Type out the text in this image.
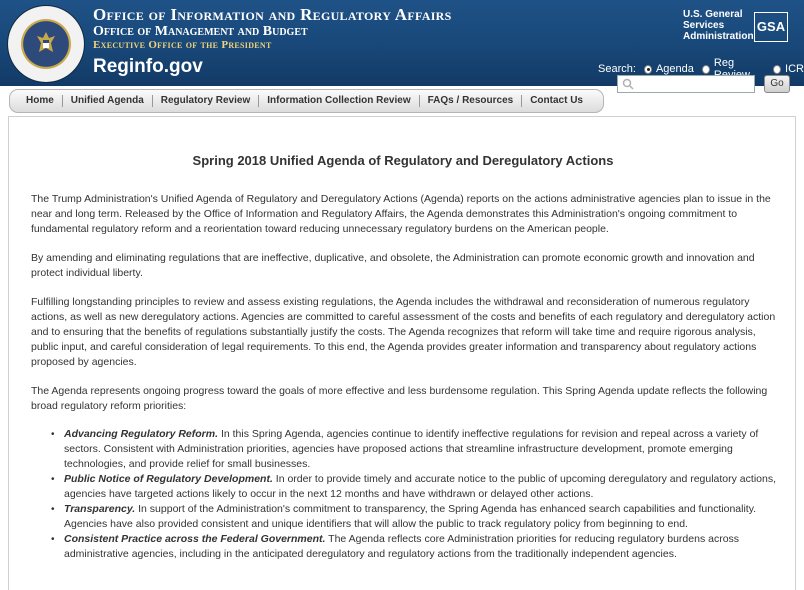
Office of Information and Regulatory Affairs
Office of Management and Budget
Executive Office of the President
Reginfo.gov
U.S. General
Services
Administration
GSA
Search: Agenda Reg	ICR
Go
Home	Unified Agenda	Regulatory Review	Information Collection Review	FAQs / Resources	Contact Us
Spring 2018 Unified Agenda of Regulatory and Deregulatory Actions

The Trump Administration's Unified Agenda of Regulatory and Deregulatory Actions (Agenda) reports on the actions administrative agencies plan to issue in the near and long term. Released by the Office of Information and Regulatory Affairs, the Agenda demonstrates this Administration's ongoing commitment to fundamental regulatory reform and a reorientation toward reducing unnecessary regulatory burdens on the American people.

By amending and eliminating regulations that are ineffective, duplicative, and obsolete, the Administration can promote economic growth and innovation and protect individual liberty.

Fulfilling longstanding principles to review and assess existing regulations, the Agenda includes the withdrawal and reconsideration of numerous regulatory actions, as well as new deregulatory actions. Agencies are committed to careful assessment of the costs and benefits of each regulatory and deregulatory action and to ensuring that the benefits of regulations substantially justify the costs. The Agenda recognizes that reform will take time and require rigorous analysis, public input, and careful consideration of legal requirements. To this end, the Agenda provides greater information and transparency about regulatory actions proposed by agencies.

The Agenda represents ongoing progress toward the goals of more effective and less burdensome regulation. This Spring Agenda update reflects the following broad regulatory reform priorities:

• Advancing Regulatory Reform. In this Spring Agenda, agencies continue to identify ineffective regulations for revision and repeal across a variety of sectors. Consistent with Administration priorities, agencies have proposed actions that streamline infrastructure development, promote emerging technologies, and provide relief for small businesses.
• Public Notice of Regulatory Development. In order to provide timely and accurate notice to the public of upcoming deregulatory and regulatory actions, agencies have targeted actions likely to occur in the next 12 months and have withdrawn or delayed other actions.
• Transparency. In support of the Administration's commitment to transparency, the Spring Agenda has enhanced search capabilities and functionality. Agencies have also provided consistent and unique identifiers that will allow the public to track regulatory policy from beginning to end.
• Consistent Practice across the Federal Government. The Agenda reflects core Administration priorities for reducing regulatory burdens across administrative agencies, including in the anticipated deregulatory and regulatory actions from the traditionally independent agencies.
